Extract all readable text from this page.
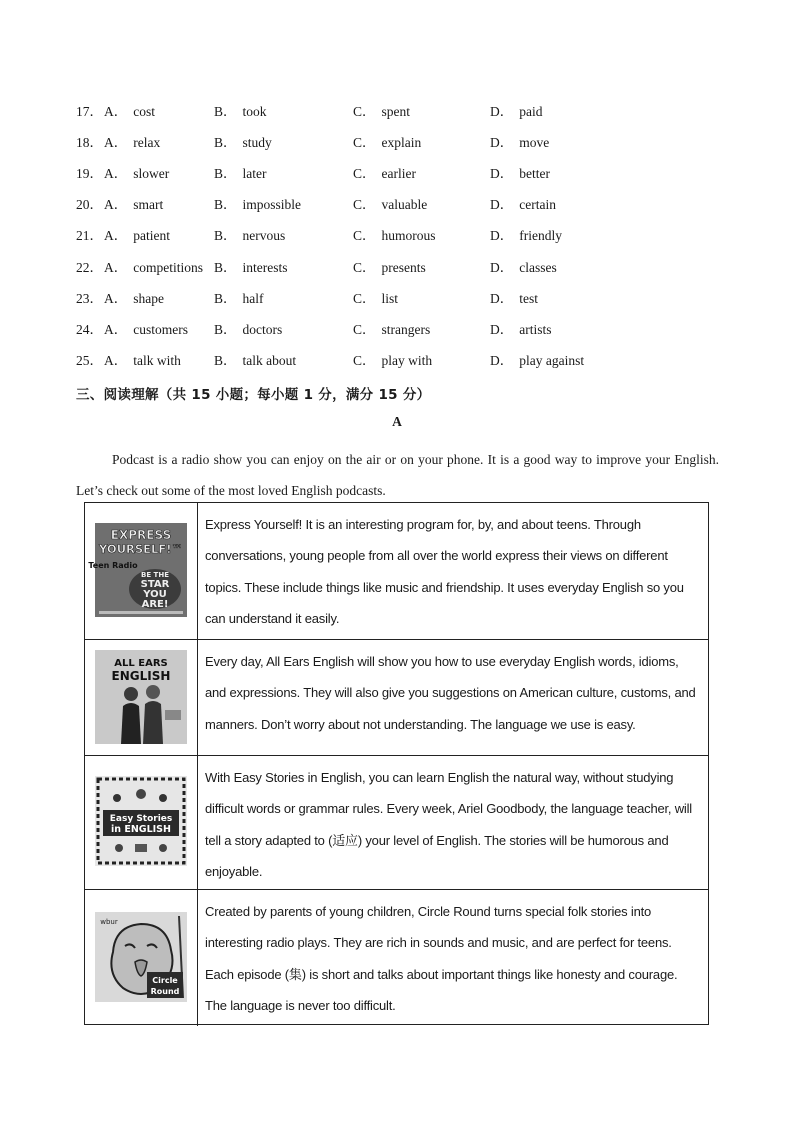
17． A． cost	B． took	C． spent	D． paid
18． A． relax	B． study	C． explain	D． move
19． A． slower	B． later	C． earlier	D． better
20． A． smart	B． impossible	C． valuable	D． certain
21． A． patient	B． nervous	C． humorous	D． friendly
22． A． competitions B． interests	C． presents	D． classes
23． A． shape	B． half	C． list	D． test
24． A． customers B． doctors	C． strangers	D． artists
25． A． talk with B． talk about	C． play with	D． play against
三、阅读理解（共 15 小题；每小题 1 分，满分 15 分）
A
Podcast is a radio show you can enjoy on the air or on your phone. It is a good way to improve your English. Let’s check out some of the most loved English podcasts.
EXPRESS
YOURSELF!™
Teen Radio
BE THE
STAR
YOU
ARE!
Express Yourself! It is an interesting program for, by, and about teens. Through conversations, young people from all over the world express their views on different topics. These include things like music and friendship. It uses everyday English so you can understand it easily.
ALL EARS
ENGLISH
Every day, All Ears English will show you how to use everyday English words, idioms, and expressions. They will also give you suggestions on American culture, customs, and manners. Don’t worry about not understanding. The language we use is easy.
Easy Stories
in ENGLISH
With Easy Stories in English, you can learn English the natural way, without studying difficult words or grammar rules. Every week, Ariel Goodbody, the language teacher, will tell a story adapted to (适应) your level of English. The stories will be humorous and enjoyable.
wbur
Circle
Round
Created by parents of young children, Circle Round turns special folk stories into interesting radio plays. They are rich in sounds and music, and are perfect for teens. Each episode (集) is short and talks about important things like honesty and courage. The language is never too difficult.
